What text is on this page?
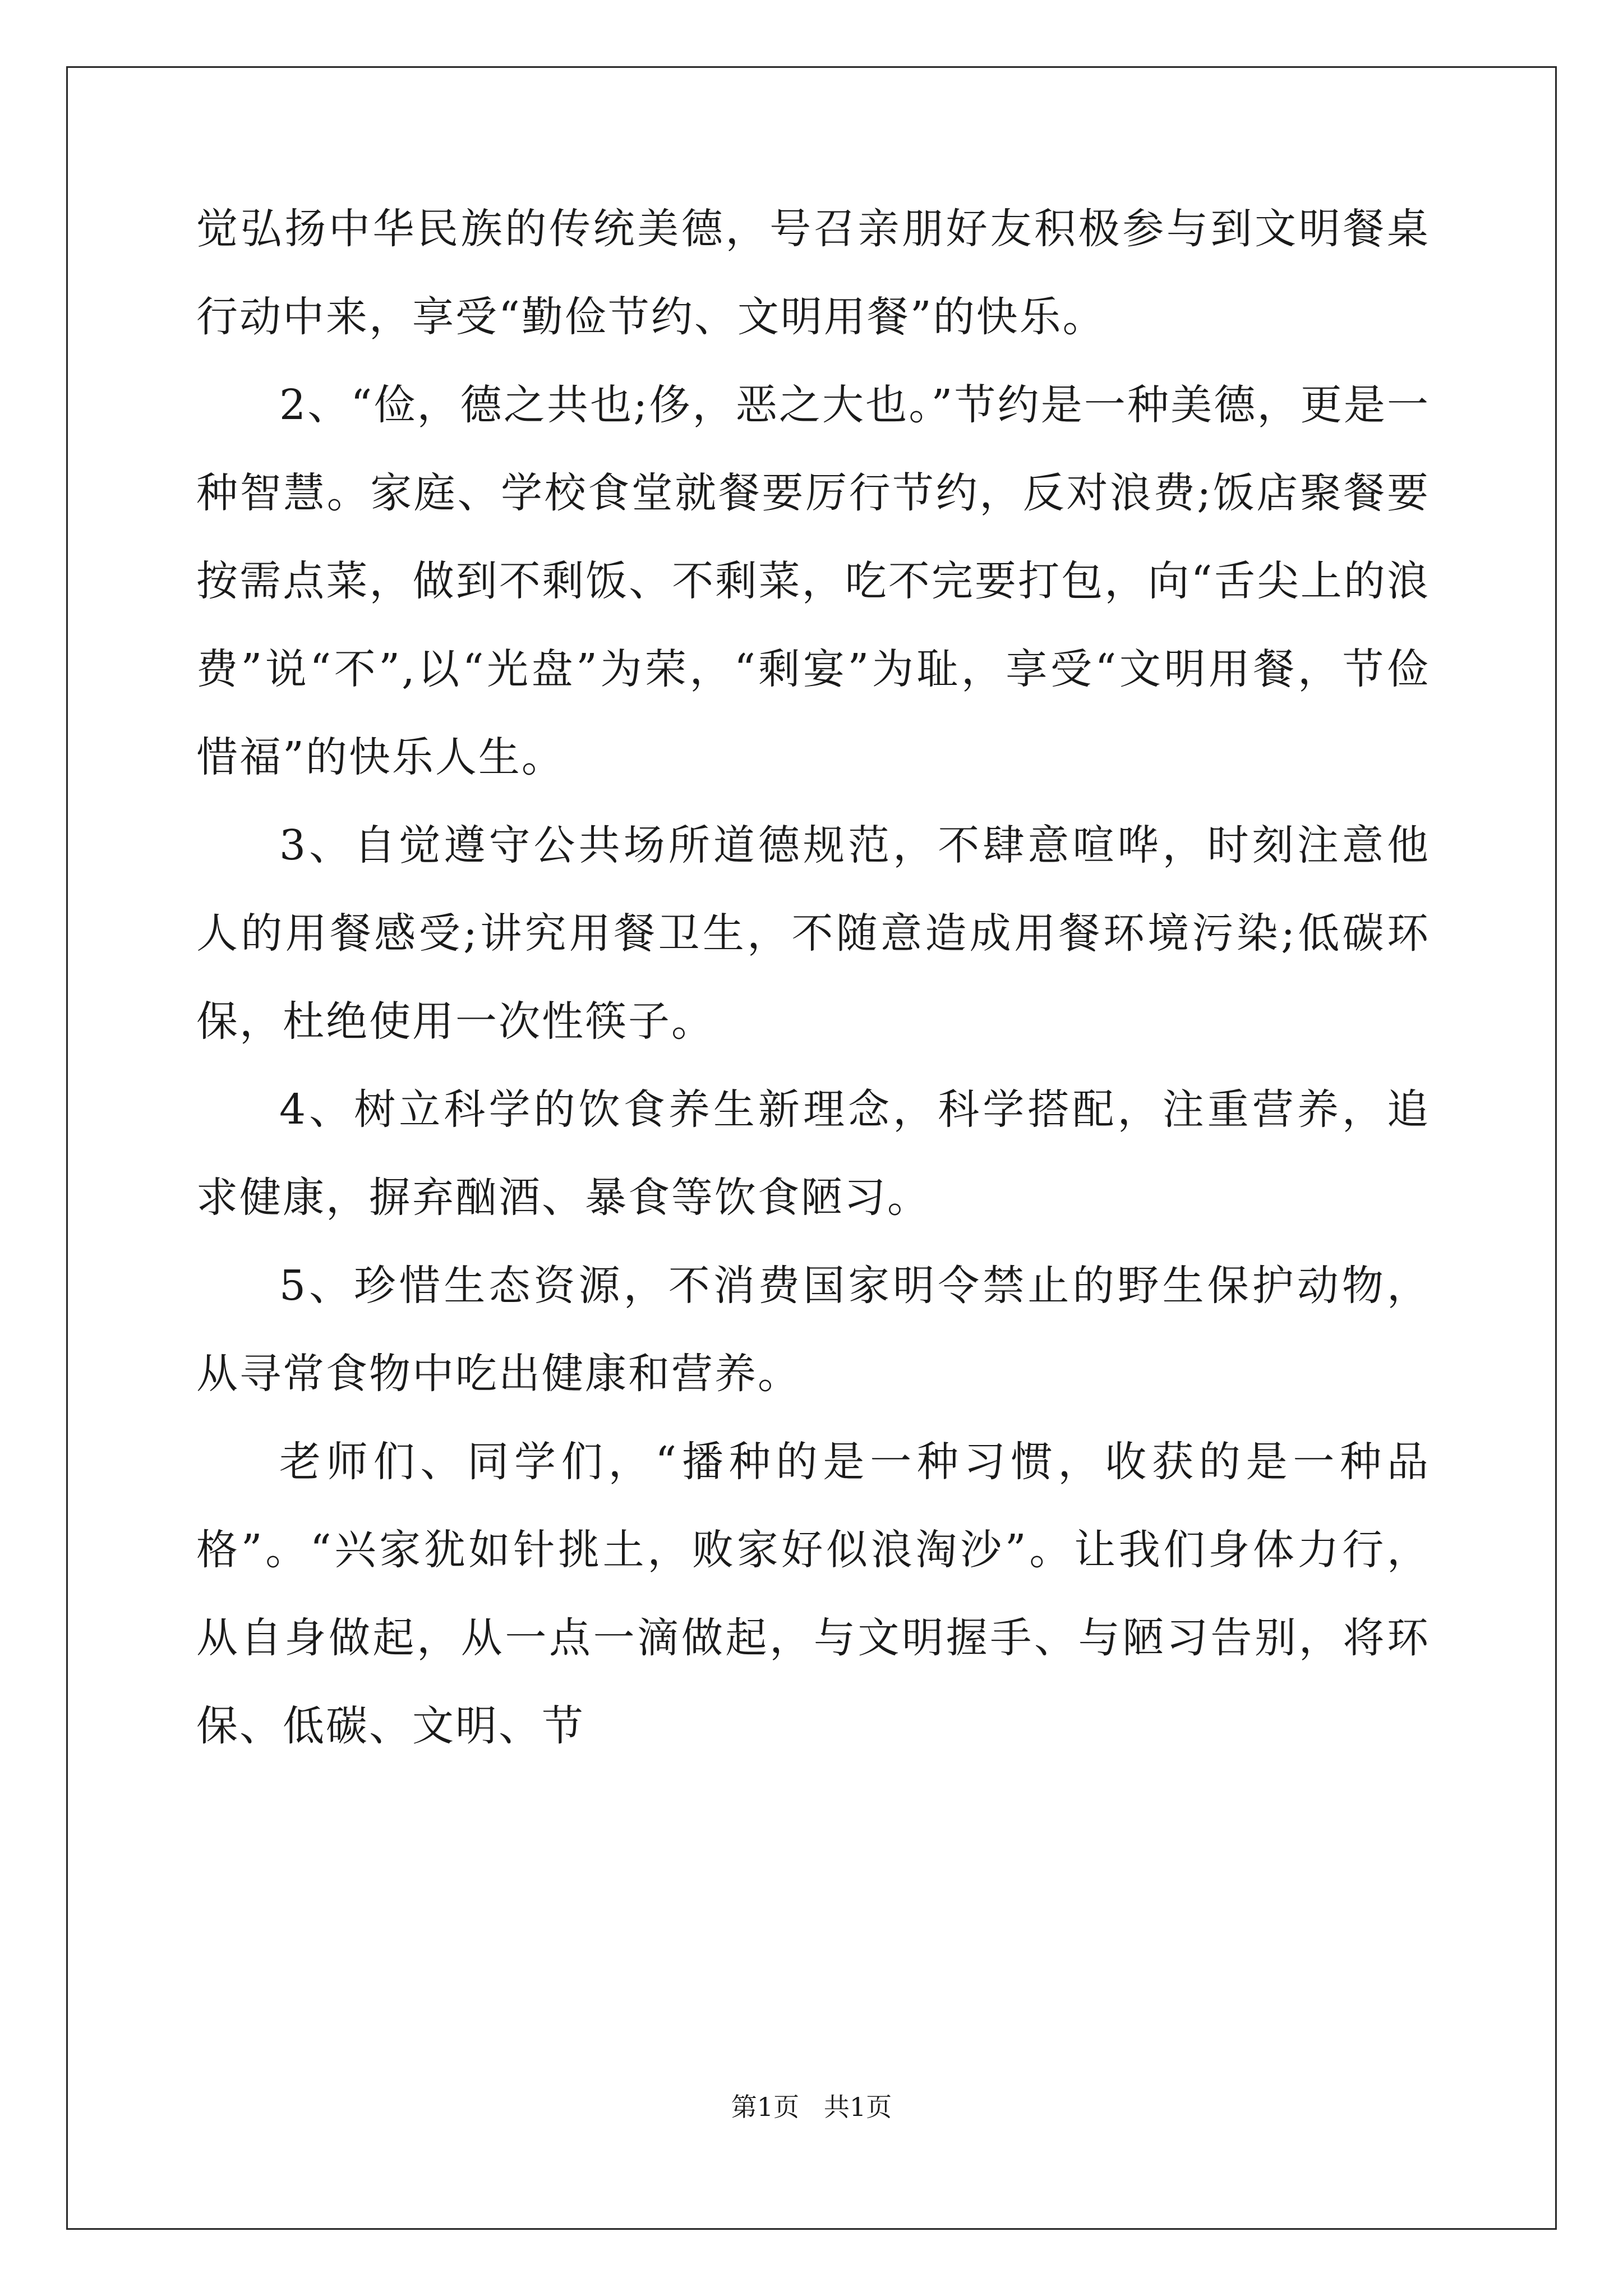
觉弘扬中华民族的传统美德，号召亲朋好友积极参与到文明餐桌行动中来，享受“勤俭节约、文明用餐”的快乐。

2、“俭，德之共也;侈，恶之大也。”节约是一种美德，更是一种智慧。家庭、学校食堂就餐要厉行节约，反对浪费;饭店聚餐要按需点菜，做到不剩饭、不剩菜，吃不完要打包，向“舌尖上的浪费”说“不”,以“光盘”为荣，“剩宴”为耻，享受“文明用餐，节俭惜福”的快乐人生。

3、自觉遵守公共场所道德规范，不肆意喧哗，时刻注意他人的用餐感受;讲究用餐卫生，不随意造成用餐环境污染;低碳环保，杜绝使用一次性筷子。

4、树立科学的饮食养生新理念，科学搭配，注重营养，追求健康，摒弃酗酒、暴食等饮食陋习。

5、珍惜生态资源，不消费国家明令禁止的野生保护动物，从寻常食物中吃出健康和营养。

老师们、同学们，“播种的是一种习惯，收获的是一种品格”。“兴家犹如针挑土，败家好似浪淘沙”。让我们身体力行，从自身做起，从一点一滴做起，与文明握手、与陋习告别，将环保、低碳、文明、节

第1页   共1页
